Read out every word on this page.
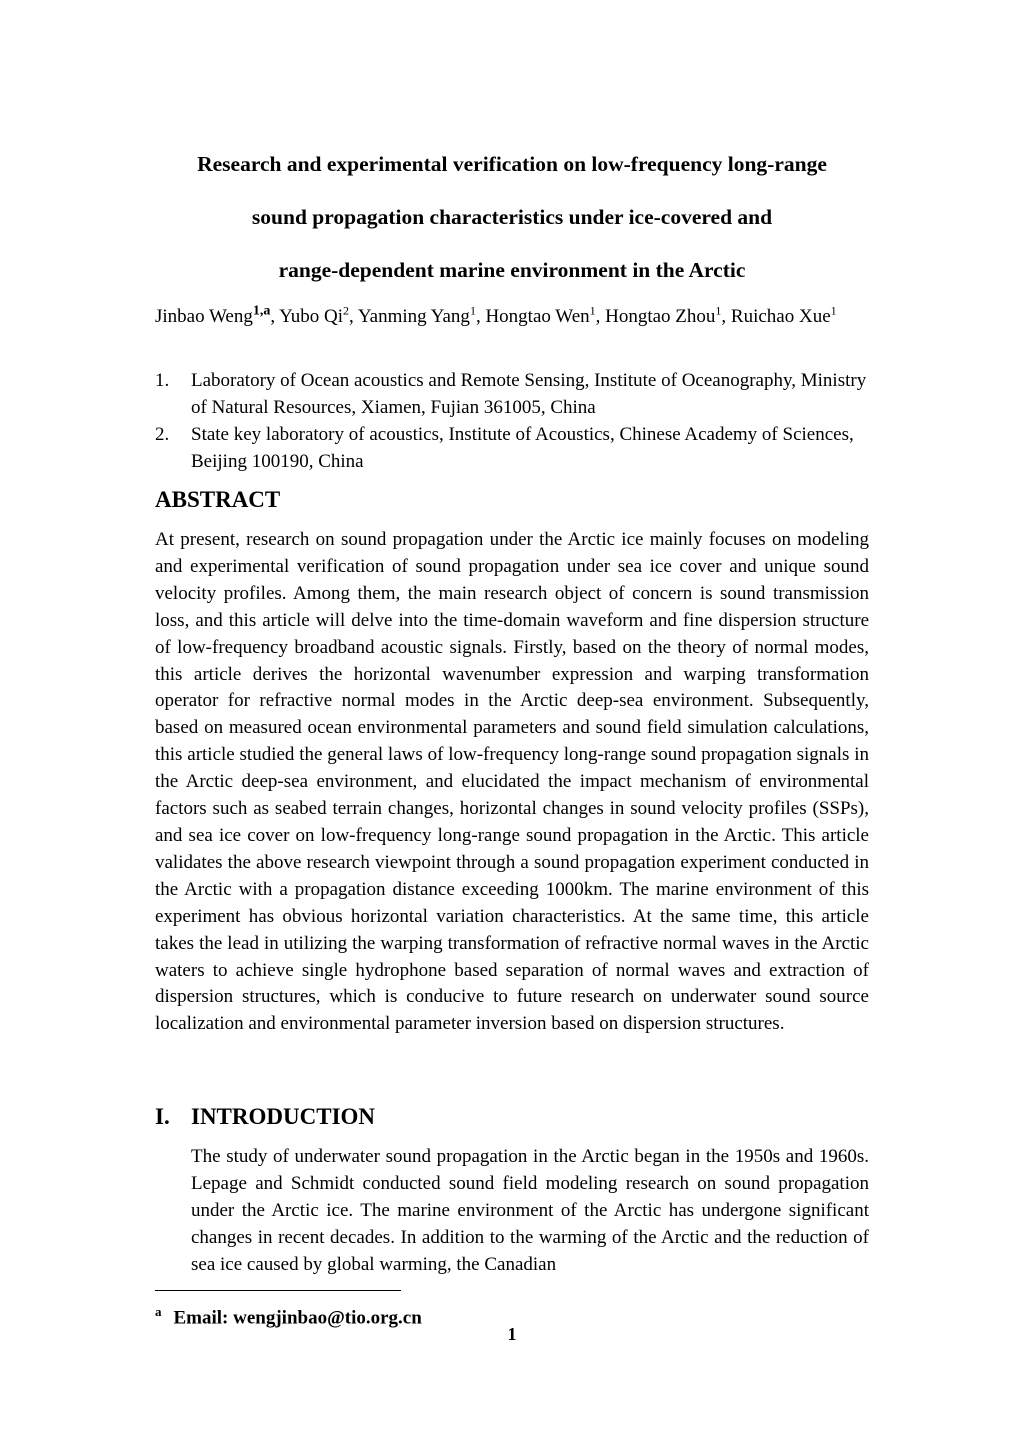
Research and experimental verification on low-frequency long-range
sound propagation characteristics under ice-covered and
range-dependent marine environment in the Arctic
Jinbao Weng$^{1,a}$, Yubo Qi$^2$, Yanming Yang$^1$, Hongtao Wen$^1$, Hongtao Zhou$^1$, Ruichao Xue$^1$
1.	Laboratory of Ocean acoustics and Remote Sensing, Institute of Oceanography, Ministry of Natural Resources, Xiamen, Fujian 361005, China
2.	State key laboratory of acoustics, Institute of Acoustics, Chinese Academy of Sciences, Beijing 100190, China
ABSTRACT

At present, research on sound propagation under the Arctic ice mainly focuses on modeling and experimental verification of sound propagation under sea ice cover and unique sound velocity profiles. Among them, the main research object of concern is sound transmission loss, and this article will delve into the time-domain waveform and fine dispersion structure of low-frequency broadband acoustic signals. Firstly, based on the theory of normal modes, this article derives the horizontal wavenumber expression and warping transformation operator for refractive normal modes in the Arctic deep-sea environment. Subsequently, based on measured ocean environmental parameters and sound field simulation calculations, this article studied the general laws of low-frequency long-range sound propagation signals in the Arctic deep-sea environment, and elucidated the impact mechanism of environmental factors such as seabed terrain changes, horizontal changes in sound velocity profiles (SSPs), and sea ice cover on low-frequency long-range sound propagation in the Arctic. This article validates the above research viewpoint through a sound propagation experiment conducted in the Arctic with a propagation distance exceeding 1000km. The marine environment of this experiment has obvious horizontal variation characteristics. At the same time, this article takes the lead in utilizing the warping transformation of refractive normal waves in the Arctic waters to achieve single hydrophone based separation of normal waves and extraction of dispersion structures, which is conducive to future research on underwater sound source localization and environmental parameter inversion based on dispersion structures.

I. INTRODUCTION

The study of underwater sound propagation in the Arctic began in the 1950s and 1960s. Lepage and Schmidt conducted sound field modeling research on sound propagation under the Arctic ice. The marine environment of the Arctic has undergone significant changes in recent decades. In addition to the warming of the Arctic and the reduction of sea ice caused by global warming, the Canadian

$^a$ Email: wengjinbao@tio.org.cn
1
